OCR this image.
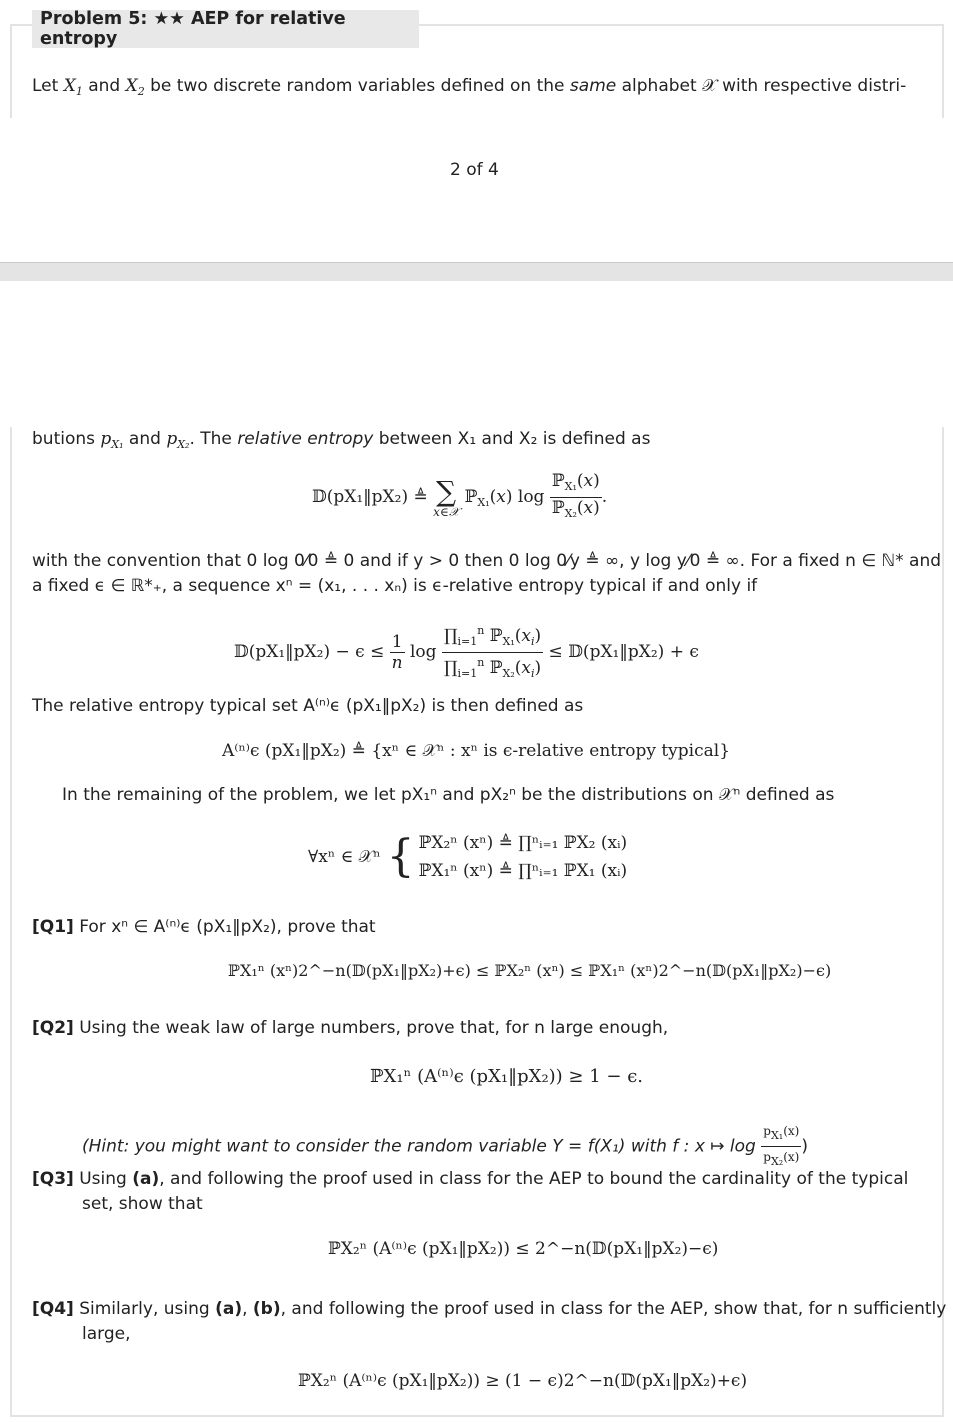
Problem 5: ★★ AEP for relative entropy
Let $X_1$ and $X_2$ be two discrete random variables defined on the same alphabet 𝒳 with respective distri-
2 of 4
butions $p_{X_1}$ and $p_{X_2}$. The relative entropy between X₁ and X₂ is defined as
𝔻(pX₁‖pX₂) ≜ ∑
x∈𝒳
ℙ$_{X_1}$(x) $\log \frac{ℙ_{X_1}(x)}{ℙ_{X_2}(x)}$ .
with the convention that 0 log 0⁄0 ≜ 0 and if y > 0 then 0 log 0⁄y ≜ ∞, y log y⁄0 ≜ ∞. For a fixed n ∈ ℕ* and
a fixed ϵ ∈ ℝ*₊, a sequence xⁿ = (x₁, . . . xₙ) is ϵ-relative entropy typical if and only if
𝔻(pX₁‖pX₂) − $\epsilon \le \frac{1}{n}$ $\log \frac{\prod_{i=1}^n ℙ_{X_1}(x_i)}{\prod_{i=1}^n ℙ_{X_2}(x_i)}$ ≤ 𝔻(pX₁‖pX₂) + ϵ
The relative entropy typical set A⁽ⁿ⁾ϵ (pX₁‖pX₂) is then defined as
A⁽ⁿ⁾ϵ (pX₁‖pX₂) ≜ {xⁿ ∈ 𝒳ⁿ : xⁿ is ϵ-relative entropy typical}
In the remaining of the problem, we let pX₁ⁿ and pX₂ⁿ be the distributions on 𝒳ⁿ defined as
∀xⁿ ∈ 𝒳ⁿ { ℙX₂ⁿ (xⁿ) ≜ ∏ⁿᵢ₌₁ ℙX₂ (xᵢ)
ℙX₁ⁿ (xⁿ) ≜ ∏ⁿᵢ₌₁ ℙX₁ (xᵢ)
[Q1] For xⁿ ∈ A⁽ⁿ⁾ϵ (pX₁‖pX₂), prove that
ℙX₁ⁿ (xⁿ)2^−n(𝔻(pX₁‖pX₂)+ϵ) ≤ ℙX₂ⁿ (xⁿ) ≤ ℙX₁ⁿ (xⁿ)2^−n(𝔻(pX₁‖pX₂)−ϵ)
[Q2] Using the weak law of large numbers, prove that, for n large enough,
ℙX₁ⁿ (A⁽ⁿ⁾ϵ (pX₁‖pX₂)) ≥ 1 − ϵ.
(Hint: you might want to consider the random variable Y = f(X₁) with f : x ↦ $\log \frac{\text{pX₁(x)}}{\text{pX₂(x)}}$ )
[Q3] Using (a), and following the proof used in class for the AEP to bound the cardinality of the typical
set, show that
ℙX₂ⁿ (A⁽ⁿ⁾ϵ (pX₁‖pX₂)) ≤ 2^−n(𝔻(pX₁‖pX₂)−ϵ)
[Q4] Similarly, using (a), (b), and following the proof used in class for the AEP, show that, for n sufficiently
large,
ℙX₂ⁿ (A⁽ⁿ⁾ϵ (pX₁‖pX₂)) ≥ (1 − ϵ)2^−n(𝔻(pX₁‖pX₂)+ϵ)
